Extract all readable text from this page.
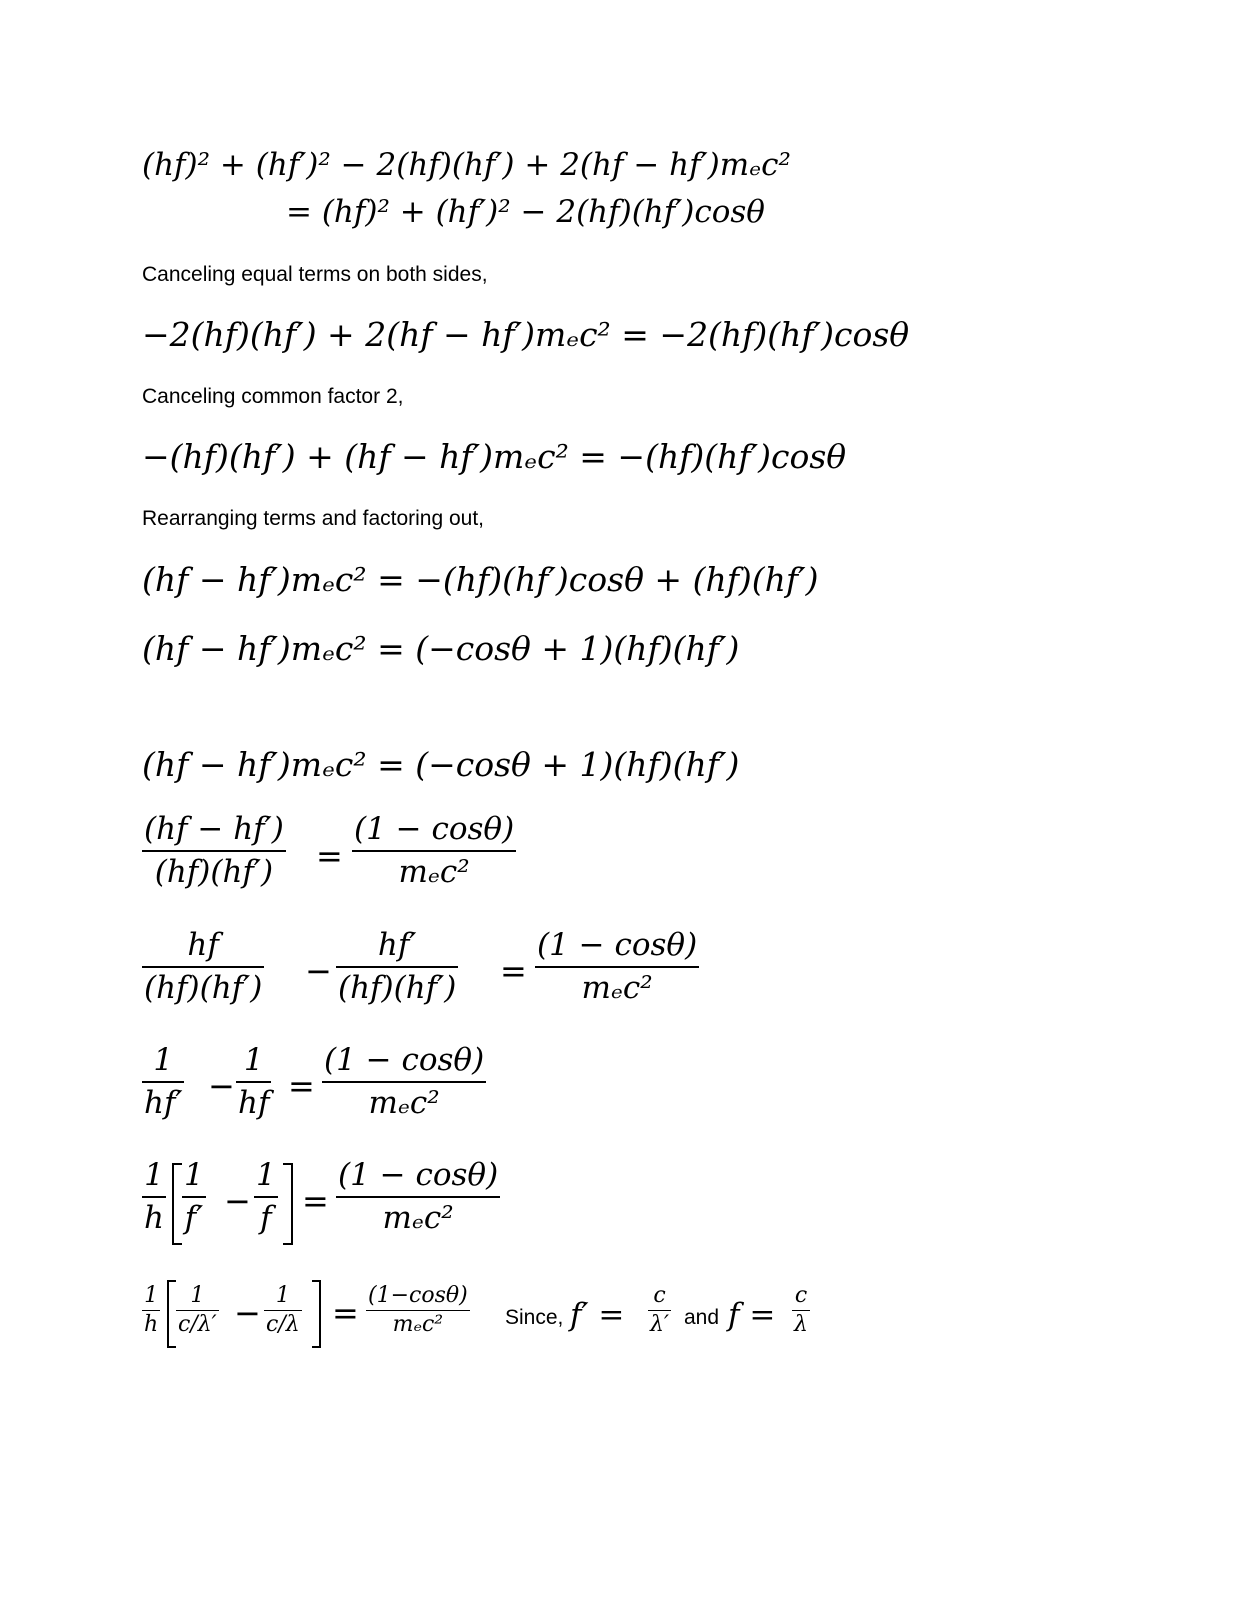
(hf)² + (hf′)² − 2(hf)(hf′) + 2(hf − hf′)mₑc²
= (hf)² + (hf′)² − 2(hf)(hf′)cosθ
Canceling equal terms on both sides,
−2(hf)(hf′) + 2(hf − hf′)mₑc² = −2(hf)(hf′)cosθ
Canceling common factor 2,
−(hf)(hf′) + (hf − hf′)mₑc² = −(hf)(hf′)cosθ
Rearranging terms and factoring out,
(hf − hf′)mₑc² = −(hf)(hf′)cosθ + (hf)(hf′)
(hf − hf′)mₑc² = (−cosθ + 1)(hf)(hf′)
(hf − hf′)mₑc² = (−cosθ + 1)(hf)(hf′)
(hf − hf′)
(hf)(hf′) =
(1 − cosθ)
mₑc²
hf
(hf)(hf′) −
hf′
(hf)(hf′) =
(1 − cosθ)
mₑc²
1
hf′ −
1
hf =
(1 − cosθ)
mₑc²
1
h
1
f′ −
1
f =
(1 − cosθ)
mₑc²
1
h
1
c/λ′ − 1
c/λ = (1−cosθ)
mₑc²	Since, f′ =
c
λ′ and f =
c
λ
